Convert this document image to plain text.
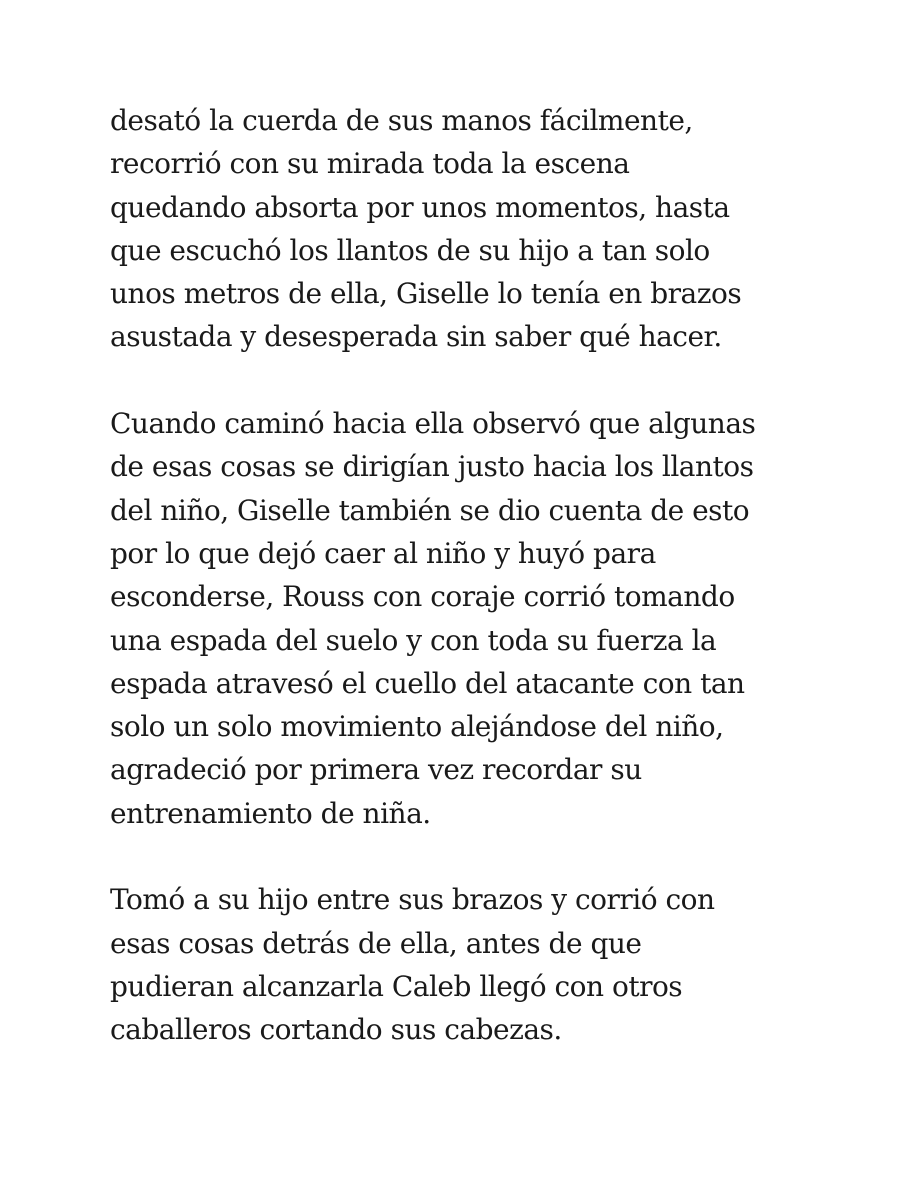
desató la cuerda de sus manos fácilmente,
recorrió con su mirada toda la escena
quedando absorta por unos momentos, hasta
que escuchó los llantos de su hijo a tan solo
unos metros de ella, Giselle lo tenía en brazos
asustada y desesperada sin saber qué hacer.

Cuando caminó hacia ella observó que algunas
de esas cosas se dirigían justo hacia los llantos
del niño, Giselle también se dio cuenta de esto
por lo que dejó caer al niño y huyó para
esconderse, Rouss con coraje corrió tomando
una espada del suelo y con toda su fuerza la
espada atravesó el cuello del atacante con tan
solo un solo movimiento alejándose del niño,
agradeció por primera vez recordar su
entrenamiento de niña.

Tomó a su hijo entre sus brazos y corrió con
esas cosas detrás de ella, antes de que
pudieran alcanzarla Caleb llegó con otros
caballeros cortando sus cabezas.
